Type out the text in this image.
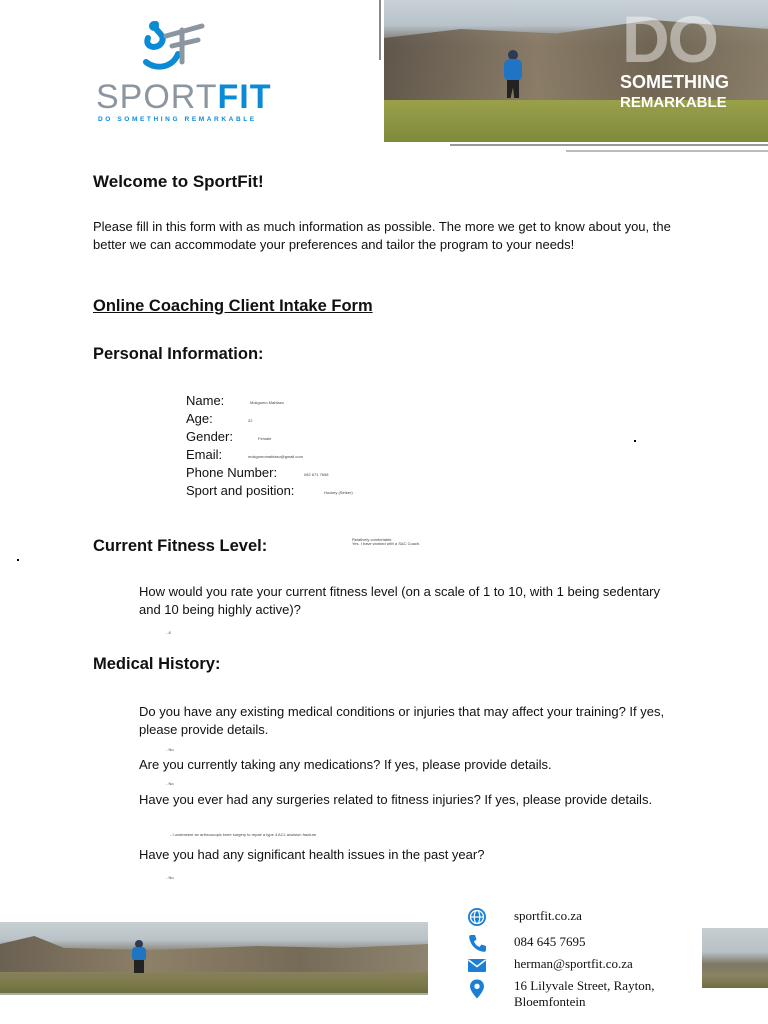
SPORTFIT
DO SOMETHING REMARKABLE
DO
SOMETHING
REMARKABLE
Welcome to SportFit!
Please fill in this form with as much information as possible. The more we get to know about you, the better we can accommodate your preferences and tailor the program to your needs!
Online Coaching Client Intake Form
Personal Information:
Name:	Mokgomo Mahlaso
Age:	22
Gender:	Female
Email:	mokgomomahlaso@gmail.com
Phone Number:	082 671 7658
Sport and position:	Hockey (Striker)
Current Fitness Level:	Relatively comfortable.
Yes. I have worked with a S&C Coach.
How would you rate your current fitness level (on a scale of 1 to 10, with 1 being sedentary and 10 being highly active)?
- 8
Medical History:
Do you have any existing medical conditions or injuries that may affect your training? If yes, please provide details.
- No
Are you currently taking any medications? If yes, please provide details.
- No
Have you ever had any surgeries related to fitness injuries? If yes, please provide details.
- I underwent an arthroscopic knee surgery to repair a type 4 ACL avulsion fracture
Have you had any significant health issues in the past year?
- No
sportfit.co.za
084 645 7695
herman@sportfit.co.za
16 Lilyvale Street, Rayton,
Bloemfontein
